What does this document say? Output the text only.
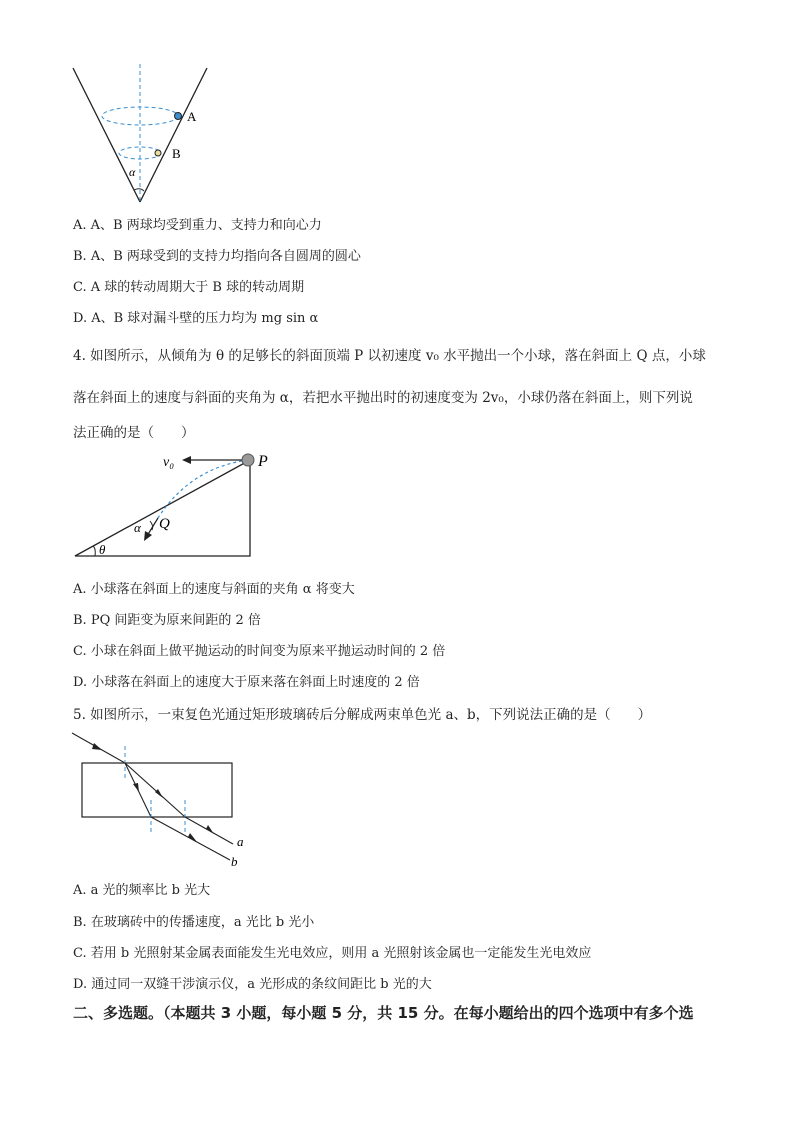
A
B
α
A. A、B 两球均受到重力、支持力和向心力
B. A、B 两球受到的支持力均指向各自圆周的圆心
C. A 球的转动周期大于 B 球的转动周期
D. A、B 球对漏斗壁的压力均为 mg sin α
4. 如图所示，从倾角为 θ 的足够长的斜面顶端 P 以初速度 v₀ 水平抛出一个小球，落在斜面上 Q 点，小球
落在斜面上的速度与斜面的夹角为 α，若把水平抛出时的初速度变为 2v₀，小球仍落在斜面上，则下列说
法正确的是（　　）
v₀	P
Q
α
θ
A. 小球落在斜面上的速度与斜面的夹角 α 将变大
B. PQ 间距变为原来间距的 2 倍
C. 小球在斜面上做平抛运动的时间变为原来平抛运动时间的 2 倍
D. 小球落在斜面上的速度大于原来落在斜面上时速度的 2 倍
5. 如图所示，一束复色光通过矩形玻璃砖后分解成两束单色光 a、b，下列说法正确的是（　　）
a
b
A. a 光的频率比 b 光大
B. 在玻璃砖中的传播速度，a 光比 b 光小
C. 若用 b 光照射某金属表面能发生光电效应，则用 a 光照射该金属也一定能发生光电效应
D. 通过同一双缝干涉演示仪，a 光形成的条纹间距比 b 光的大
二、多选题。（本题共 3 小题，每小题 5 分，共 15 分。在每小题给出的四个选项中有多个选
